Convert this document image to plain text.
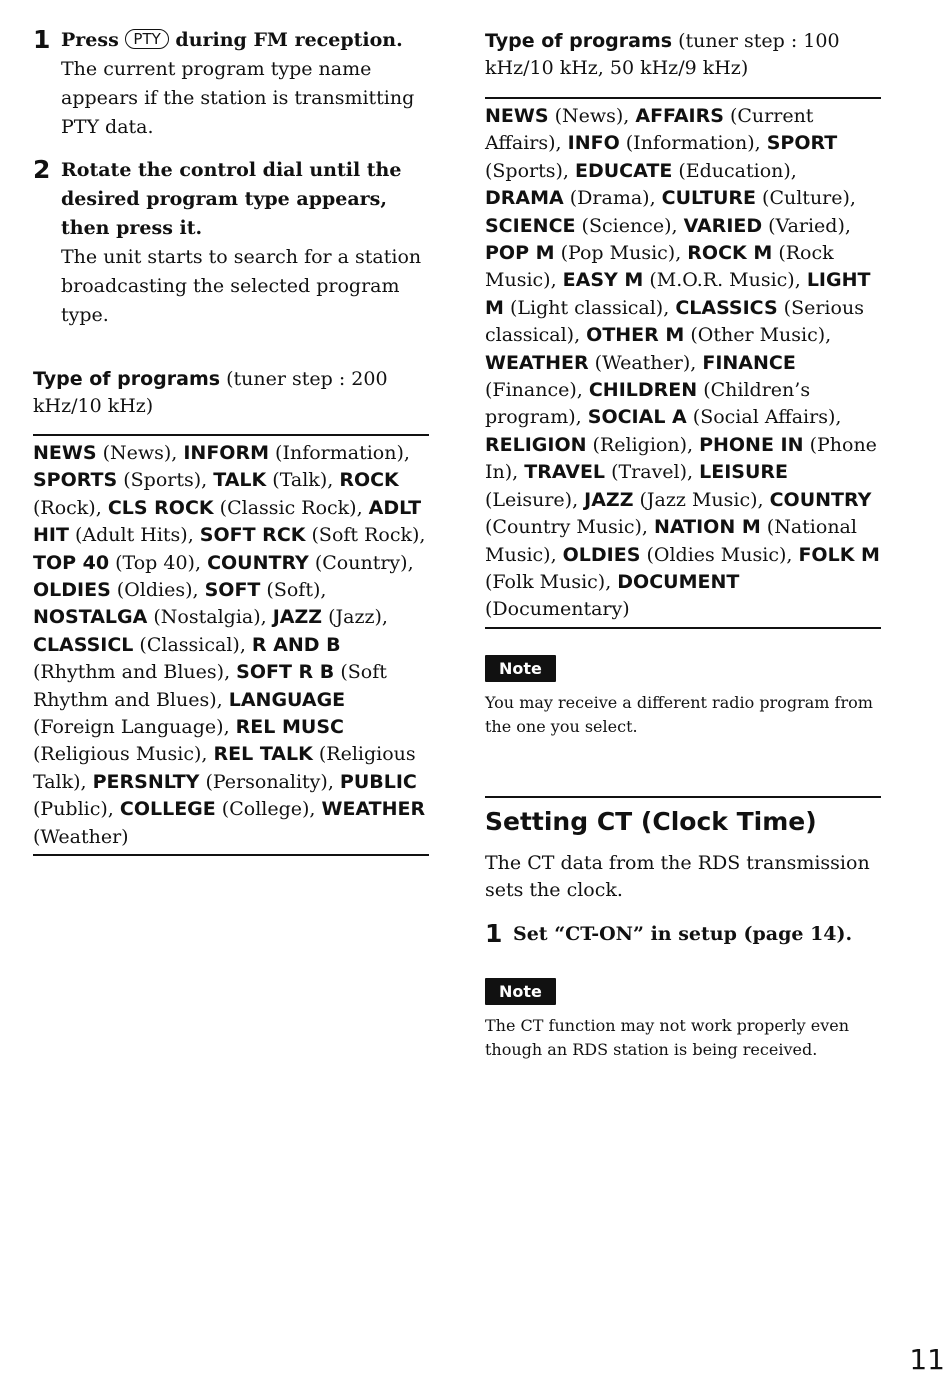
1 Press PTY during FM reception.
The current program type name appears if the station is transmitting PTY data.
2 Rotate the control dial until the desired program type appears, then press it.
The unit starts to search for a station broadcasting the selected program type.
Type of programs (tuner step : 200 kHz/10 kHz)
NEWS (News), INFORM (Information), SPORTS (Sports), TALK (Talk), ROCK (Rock), CLS ROCK (Classic Rock), ADLT HIT (Adult Hits), SOFT RCK (Soft Rock), TOP 40 (Top 40), COUNTRY (Country), OLDIES (Oldies), SOFT (Soft), NOSTALGA (Nostalgia), JAZZ (Jazz), CLASSICL (Classical), R AND B (Rhythm and Blues), SOFT R B (Soft Rhythm and Blues), LANGUAGE (Foreign Language), REL MUSC (Religious Music), REL TALK (Religious Talk), PERSNLTY (Personality), PUBLIC (Public), COLLEGE (College), WEATHER (Weather)
Type of programs (tuner step : 100 kHz/10 kHz, 50 kHz/9 kHz)
NEWS (News), AFFAIRS (Current Affairs), INFO (Information), SPORT (Sports), EDUCATE (Education), DRAMA (Drama), CULTURE (Culture), SCIENCE (Science), VARIED (Varied), POP M (Pop Music), ROCK M (Rock Music), EASY M (M.O.R. Music), LIGHT M (Light classical), CLASSICS (Serious classical), OTHER M (Other Music), WEATHER (Weather), FINANCE (Finance), CHILDREN (Children’s program), SOCIAL A (Social Affairs), RELIGION (Religion), PHONE IN (Phone In), TRAVEL (Travel), LEISURE (Leisure), JAZZ (Jazz Music), COUNTRY (Country Music), NATION M (National Music), OLDIES (Oldies Music), FOLK M (Folk Music), DOCUMENT (Documentary)
Note
You may receive a different radio program from the one you select.
Setting CT (Clock Time)
The CT data from the RDS transmission sets the clock.
1 Set “CT-ON” in setup (page 14).
Note
The CT function may not work properly even though an RDS station is being received.
11
